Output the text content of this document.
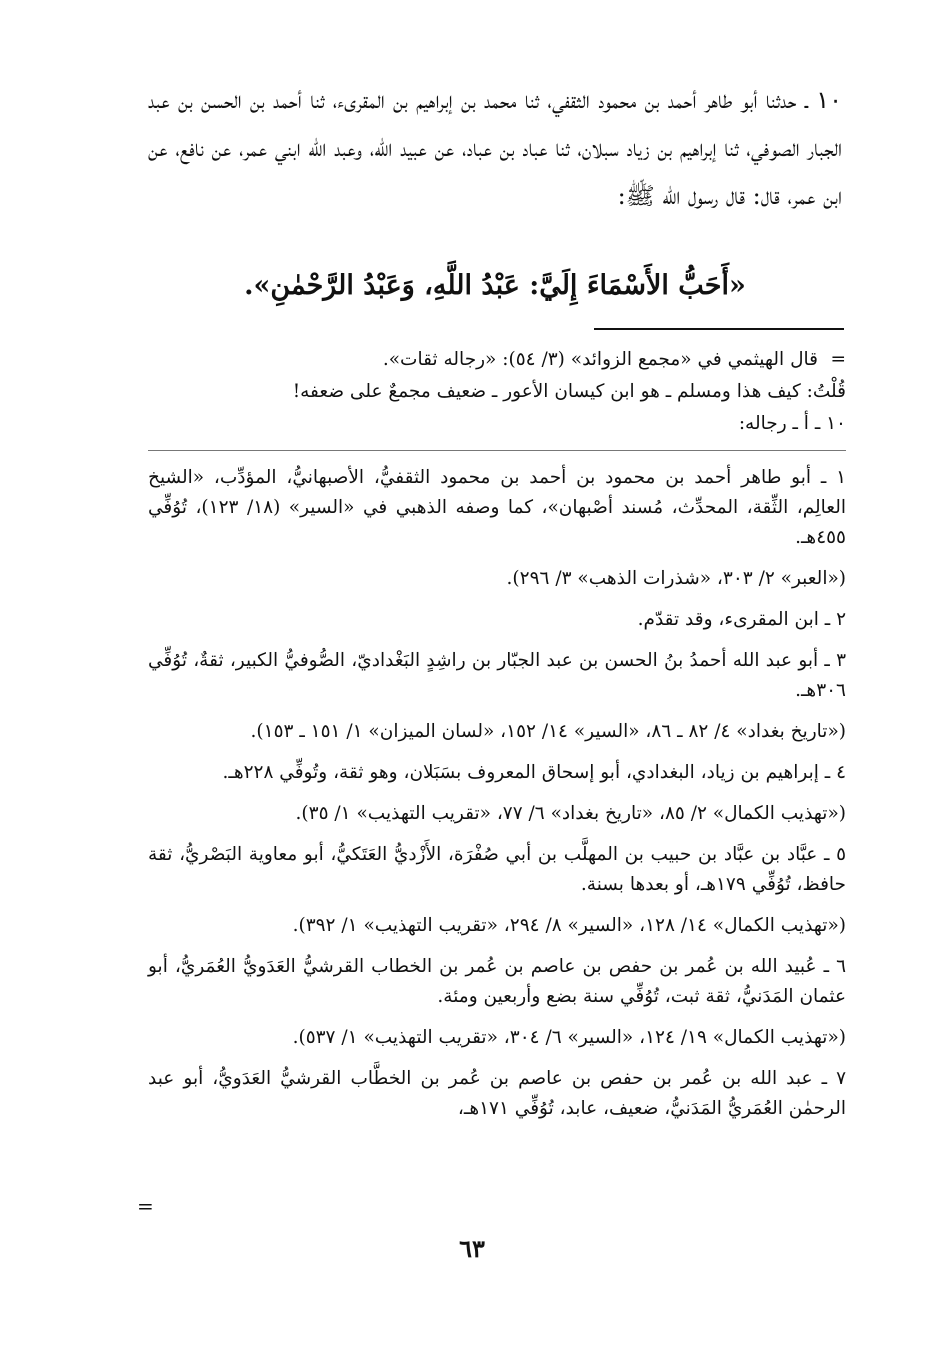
١٠ ـ حدثنا أبو طاهر أحمد بن محمود الثقفي، ثنا محمد بن إبراهيم بن المقرىء، ثنا أحمد بن الحسن بن عبد الجبار الصوفي، ثنا إبراهيم بن زياد سبلان، ثنا عباد بن عباد، عن عبيد الله، وعبد الله ابني عمر، عن نافع، عن ابن عمر، قال: قال رسول الله ﷺ:

«أَحَبُّ الأَسْمَاءَ إِلَيَّ: عَبْدُ اللَّهِ، وَعَبْدُ الرَّحْمٰنِ».

=قال الهيثمي في «مجمع الزوائد» (٣/ ٥٤): «رجاله ثقات».

قُلْتُ: كيف هذا ومسلم ـ هو ابن كيسان الأعور ـ ضعيف مجمعٌ على ضعفه!

١٠ ـ أ ـ رجاله:

١ ـ أبو طاهر أحمد بن محمود بن أحمد بن محمود الثقفيُّ، الأصبهانيُّ، المؤدِّب، «الشيخ العالِم، الثِّقة، المحدِّث، مُسند أصْبهان»، كما وصفه الذهبي في «السير» (١٨/ ١٢٣)، تُوُفِّي ٤٥٥هـ.

(«العبر» ٢/ ٣٠٣، «شذرات الذهب» ٣/ ٢٩٦).

٢ ـ ابن المقرىء، وقد تقدّم.

٣ ـ أبو عبد الله أحمدُ بنُ الحسن بن عبد الجبّار بن راشِدٍ البَغْداديّ، الصُّوفيُّ الكبير، ثقةٌ، تُوُفِّي ٣٠٦هـ.

(«تاريخ بغداد» ٤/ ٨٢ ـ ٨٦، «السير» ١٤/ ١٥٢، «لسان الميزان» ١/ ١٥١ ـ ١٥٣).

٤ ـ إبراهيم بن زياد، البغدادي، أبو إسحاق المعروف بسَبَلان، وهو ثقة، وتُوفِّي ٢٢٨هـ.

(«تهذيب الكمال» ٢/ ٨٥، «تاريخ بغداد» ٦/ ٧٧، «تقريب التهذيب» ١/ ٣٥).

٥ ـ عبَّاد بن عبَّاد بن حبيب بن المهلَّب بن أبي صُفْرَة، الأَزْديُّ العَتَكيُّ، أبو معاوية البَصْريُّ، ثقة حافظ، تُوُفِّي ١٧٩هـ، أو بعدها بسنة.

(«تهذيب الكمال» ١٤/ ١٢٨، «السير» ٨/ ٢٩٤، «تقريب التهذيب» ١/ ٣٩٢).

٦ ـ عُبيد الله بن عُمر بن حفص بن عاصم بن عُمر بن الخطاب القرشيُّ العَدَويُّ العُمَريُّ، أبو عثمان المَدَنيُّ، ثقة ثبت، تُوُفِّي سنة بضع وأربعين ومئة.

(«تهذيب الكمال» ١٩/ ١٢٤، «السير» ٦/ ٣٠٤، «تقريب التهذيب» ١/ ٥٣٧).

٧ ـ عبد الله بن عُمر بن حفص بن عاصم بن عُمر بن الخطَّاب القرشيُّ العَدَويُّ، أبو عبد الرحمٰن العُمَريُّ المَدَنيُّ، ضعيف، عابد، تُوُفِّي ١٧١هـ،

=
٦٣
